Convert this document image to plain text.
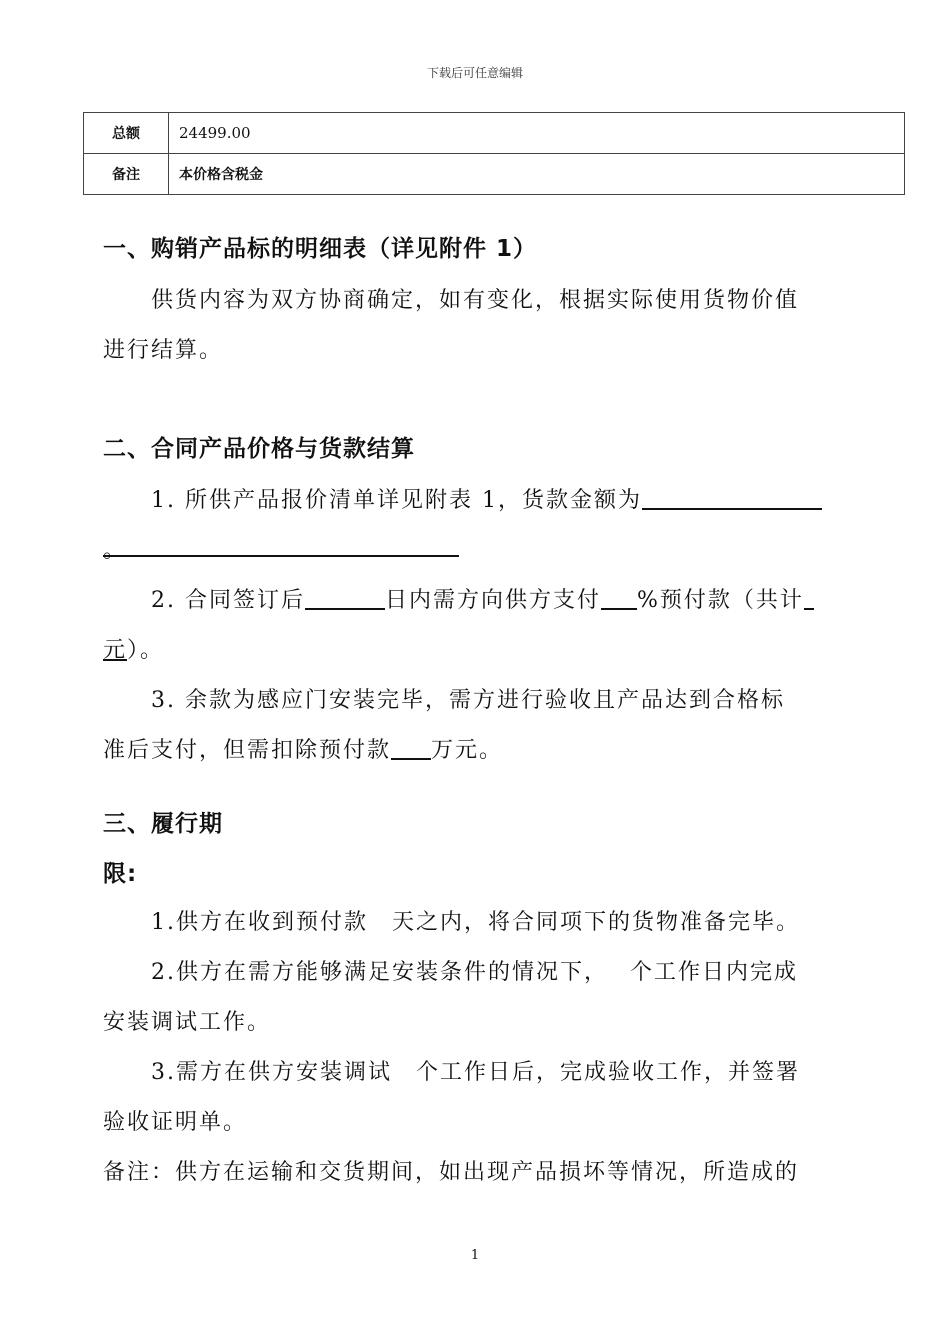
下载后可任意编辑
总额	24499.00
备注	本价格含税金
一、购销产品标的明细表（详见附件 1）
供货内容为双方协商确定，如有变化，根据实际使用货物价值
进行结算。
二、合同产品价格与货款结算
1. 所供产品报价清单详见附表 1，货款金额为
。
2. 合同签订后	日内需方向供方支付 %预付款（共计
元）。
3. 余款为感应门安装完毕，需方进行验收且产品达到合格标
准后支付，但需扣除预付款 万元。
三、履行期
限:
1.供方在收到预付款　天之内，将合同项下的货物准备完毕。
2.供方在需方能够满足安装条件的情况下，　 个工作日内完成
安装调试工作。
3.需方在供方安装调试　个工作日后，完成验收工作，并签署
验收证明单。
备注：供方在运输和交货期间，如出现产品损坏等情况，所造成的
1
